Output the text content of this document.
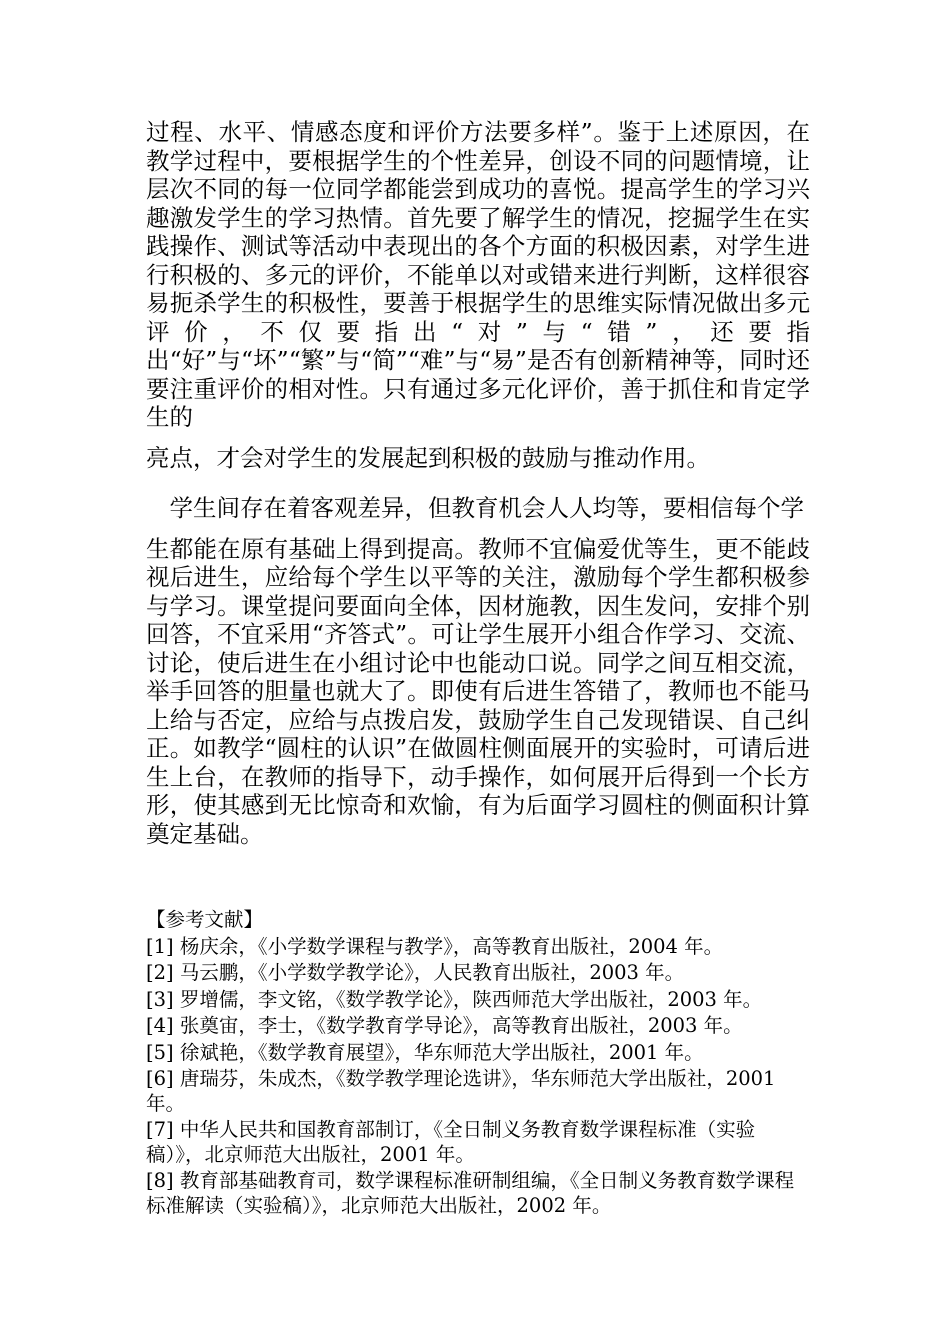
过程、水平、情感态度和评价方法要多样”。鉴于上述原因，在教学过程中，要根据学生的个性差异，创设不同的问题情境，让层次不同的每一位同学都能尝到成功的喜悦。提高学生的学习兴趣激发学生的学习热情。首先要了解学生的情况，挖掘学生在实践操作、测试等活动中表现出的各个方面的积极因素，对学生进行积极的、多元的评价，不能单以对或错来进行判断，这样很容易扼杀学生的积极性，要善于根据学生的思维实际情况做出多元评价，不仅要指出“对”与“错”，还要指出“好”与“坏”“繁”与“简”“难”与“易”是否有创新精神等，同时还要注重评价的相对性。只有通过多元化评价，善于抓住和肯定学生的
亮点，才会对学生的发展起到积极的鼓励与推动作用。

学生间存在着客观差异，但教育机会人人均等，要相信每个学
生都能在原有基础上得到提高。教师不宜偏爱优等生，更不能歧视后进生，应给每个学生以平等的关注，激励每个学生都积极参与学习。课堂提问要面向全体，因材施教，因生发问，安排个别回答，不宜采用“齐答式”。可让学生展开小组合作学习、交流、讨论，使后进生在小组讨论中也能动口说。同学之间互相交流，举手回答的胆量也就大了。即使有后进生答错了，教师也不能马上给与否定，应给与点拨启发，鼓励学生自己发现错误、自己纠正。如教学“圆柱的认识”在做圆柱侧面展开的实验时，可请后进生上台，在教师的指导下，动手操作，如何展开后得到一个长方形，使其感到无比惊奇和欢愉，有为后面学习圆柱的侧面积计算奠定基础。

【参考文献】
[1] 杨庆余，《小学数学课程与教学》，高等教育出版社，2004 年。
[2] 马云鹏，《小学数学教学论》，人民教育出版社，2003 年。
[3] 罗增儒，李文铭，《数学教学论》，陕西师范大学出版社，2003 年。
[4] 张奠宙，李士，《数学教育学导论》，高等教育出版社，2003 年。
[5] 徐斌艳，《数学教育展望》，华东师范大学出版社，2001 年。
[6] 唐瑞芬，朱成杰，《数学教学理论选讲》，华东师范大学出版社，2001 年。
[7] 中华人民共和国教育部制订，《全日制义务教育数学课程标准（实验稿）》，北京师范大出版社，2001 年。
[8] 教育部基础教育司，数学课程标准研制组编，《全日制义务教育数学课程标准解读（实验稿）》，北京师范大出版社，2002 年。
